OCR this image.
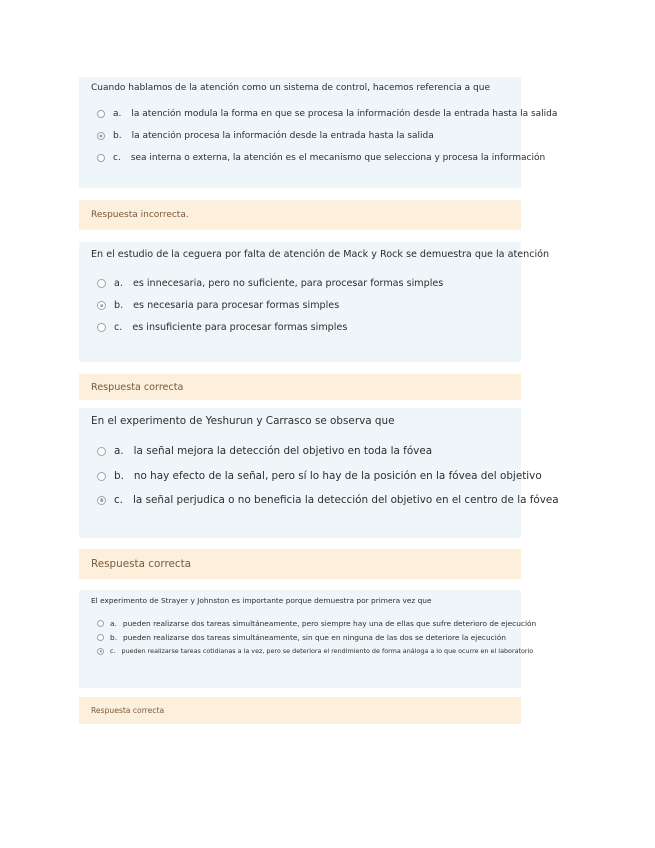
Cuando hablamos de la atención como un sistema de control, hacemos referencia a que
a. la atención modula la forma en que se procesa la información desde la entrada hasta la salida
b. la atención procesa la información desde la entrada hasta la salida
c. sea interna o externa, la atención es el mecanismo que selecciona y procesa la información
Respuesta incorrecta.
En el estudio de la ceguera por falta de atención de Mack y Rock se demuestra que la atención
a. es innecesaria, pero no suficiente, para procesar formas simples
b. es necesaria para procesar formas simples
c. es insuficiente para procesar formas simples
Respuesta correcta
En el experimento de Yeshurun y Carrasco se observa que
a. la señal mejora la detección del objetivo en toda la fóvea
b. no hay efecto de la señal, pero sí lo hay de la posición en la fóvea del objetivo
c. la señal perjudica o no beneficia la detección del objetivo en el centro de la fóvea
Respuesta correcta
El experimento de Strayer y Johnston es importante porque demuestra por primera vez que
a. pueden realizarse dos tareas simultáneamente, pero siempre hay una de ellas que sufre deterioro de ejecución
b. pueden realizarse dos tareas simultáneamente, sin que en ninguna de las dos se deteriore la ejecución
c. pueden realizarse tareas cotidianas a la vez, pero se deteriora el rendimiento de forma análoga a lo que ocurre en el laboratorio
Respuesta correcta
